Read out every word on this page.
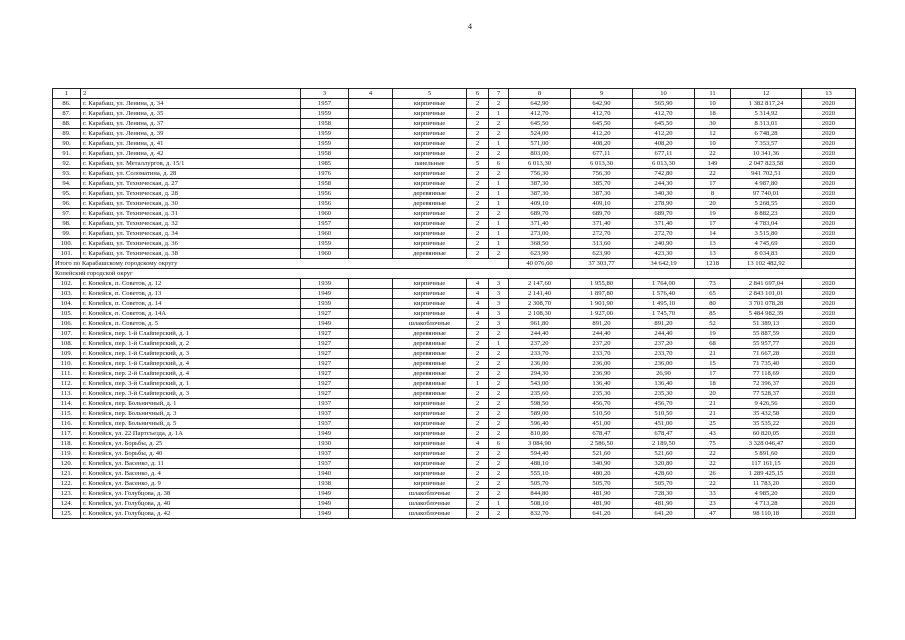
4
1	2	3	4	5	6	7	8	9	10	11	12	13
86.	г. Карабаш, ул. Ленина, д. 34	1957		кирпичные	2	2	642,90	642,90	565,90	10	1 382 817,24	2020
87.	г. Карабаш, ул. Ленина, д. 35	1959		кирпичные	2	1	412,70	412,70	412,70	18	5 314,92	2020
88.	г. Карабаш, ул. Ленина, д. 37	1958		кирпичные	2	2	645,50	645,50	645,50	30	8 313,01	2020
89.	г. Карабаш, ул. Ленина, д. 39	1959		кирпичные	2	2	524,00	412,20	412,20	12	6 748,28	2020
90.	г. Карабаш, ул. Ленина, д. 41	1959		кирпичные	2	1	571,00	408,20	408,20	10	7 353,57	2020
91.	г. Карабаш, ул. Ленина, д. 42	1958		кирпичные	2	2	803,00	677,11	677,11	22	10 341,36	2020
92.	г. Карабаш, ул. Металлургов, д. 15/1	1985		панельные	5	6	6 013,30	6 013,30	6 013,30	149	2 047 823,58	2020
93.	г. Карабаш, ул. Соломатина, д. 28	1976		кирпичные	2	2	756,30	756,30	742,80	22	941 702,51	2020
94.	г. Карабаш, ул. Техническая, д. 27	1958		кирпичные	2	1	387,30	385,70	244,30	17	4 987,80	2020
95.	г. Карабаш, ул. Техническая, д. 28	1956		деревянные	2	1	387,30	387,30	340,30	8	97 740,01	2020
96.	г. Карабаш, ул. Техническая, д. 30	1956		деревянные	2	1	409,10	409,10	278,90	20	5 268,55	2020
97.	г. Карабаш, ул. Техническая, д. 31	1960		кирпичные	2	2	689,70	689,70	689,70	19	8 882,23	2020
98.	г. Карабаш, ул. Техническая, д. 32	1957		кирпичные	2	1	371,40	371,40	371,40	17	4 783,04	2020
99.	г. Карабаш, ул. Техническая, д. 34	1960		кирпичные	2	1	273,00	272,70	272,70	14	3 515,80	2020
100.	г. Карабаш, ул. Техническая, д. 36	1959		кирпичные	2	1	368,50	313,60	240,90	13	4 745,69	2020
101.	г. Карабаш, ул. Техническая, д. 38	1960		деревянные	2	2	623,90	623,90	423,30	13	8 034,83	2020
Итого по Карабашскому городскому округу							40 076,60	37 303,77	34 642,19	1218	13 102 482,92	
Копейский городской округ												
102.	г. Копейск, п. Советов, д. 12	1939		кирпичные	4	3	2 147,60	1 955,80	1 764,00	73	2 841 697,04	2020
103.	г. Копейск, п. Советов, д. 13	1949		кирпичные	4	3	2 141,40	1 897,80	1 576,40	65	2 843 101,01	2020
104.	г. Копейск, п. Советов, д. 14	1939		кирпичные	4	3	2 308,70	1 901,90	1 495,10	80	3 701 078,28	2020
105.	г. Копейск, п. Советов, д. 14А	1927		кирпичные	4	3	2 108,30	1 927,00	1 745,70	85	5 484 982,39	2020
106.	г. Копейск, п. Советов, д. 5	1949		шлакоблочные	2	3	961,80	891,20	891,20	52	51 389,13	2020
107.	г. Копейск, пер. 1-й Слайперский, д. 1	1927		деревянные	2	2	244,40	244,40	244,40	19	55 887,59	2020
108.	г. Копейск, пер. 1-й Слайперский, д. 2	1927		деревянные	2	1	237,20	237,20	237,20	68	55 957,77	2020
109.	г. Копейск, пер. 1-й Слайперский, д. 3	1927		деревянные	2	2	233,70	233,70	233,70	21	71 667,28	2020
110.	г. Копейск, пер. 1-й Слайперский, д. 4	1927		деревянные	2	2	236,00	236,00	236,00	15	71 735,40	2020
111.	г. Копейск, пер. 2-й Слайперский, д. 4	1927		деревянные	2	2	294,30	236,90	26,90	17	77 118,69	2020
112.	г. Копейск, пер. 3-й Слайперский, д. 1	1927		деревянные	1	2	543,00	136,40	136,40	18	72 396,37	2020
113.	г. Копейск, пер. 3-й Слайперский, д. 3	1927		деревянные	2	2	235,60	235,30	235,30	20	77 528,37	2020
114.	г. Копейск, пер. Больничный, д. 1	1937		кирпичные	2	2	598,50	456,70	456,70	21	9 426,56	2020
115.	г. Копейск, пер. Больничный, д. 3	1937		кирпичные	2	2	589,00	510,50	510,50	21	35 432,58	2020
116.	г. Копейск, пер. Больничный, д. 5	1937		кирпичные	2	2	596,40	451,00	451,00	25	35 535,22	2020
117.	г. Копейск, ул. 22 Партсъезда, д. 1А	1949		кирпичные	2	2	810,80	678,47	678,47	43	60 820,05	2020
118.	г. Копейск, ул. Борьбы, д. 25	1930		кирпичные	4	6	3 084,90	2 586,50	2 189,50	75	3 328 046,47	2020
119.	г. Копейск, ул. Борьбы, д. 40	1937		кирпичные	2	2	594,40	521,60	521,60	22	5 891,60	2020
120.	г. Копейск, ул. Васенко, д. 11	1937		кирпичные	2	2	488,10	340,90	320,80	22	117 161,15	2020
121.	г. Копейск, ул. Васенко, д. 4	1940		кирпичные	2	2	555,10	480,20	428,60	26	1 289 425,15	2020
122.	г. Копейск, ул. Васенко, д. 9	1938		кирпичные	2	2	505,70	505,70	505,70	22	11 783,20	2020
123.	г. Копейск, ул. Голубцова, д. 38	1949		шлакоблочные	2	2	844,80	481,90	728,30	33	4 985,20	2020
124.	г. Копейск, ул. Голубцова, д. 40	1949		шлакоблочные	2	1	508,10	481,90	481,90	23	4 713,28	2020
125.	г. Копейск, ул. Голубцова, д. 42	1949		шлакоблочные	2	2	832,70	641,20	641,20	47	98 110,18	2020
